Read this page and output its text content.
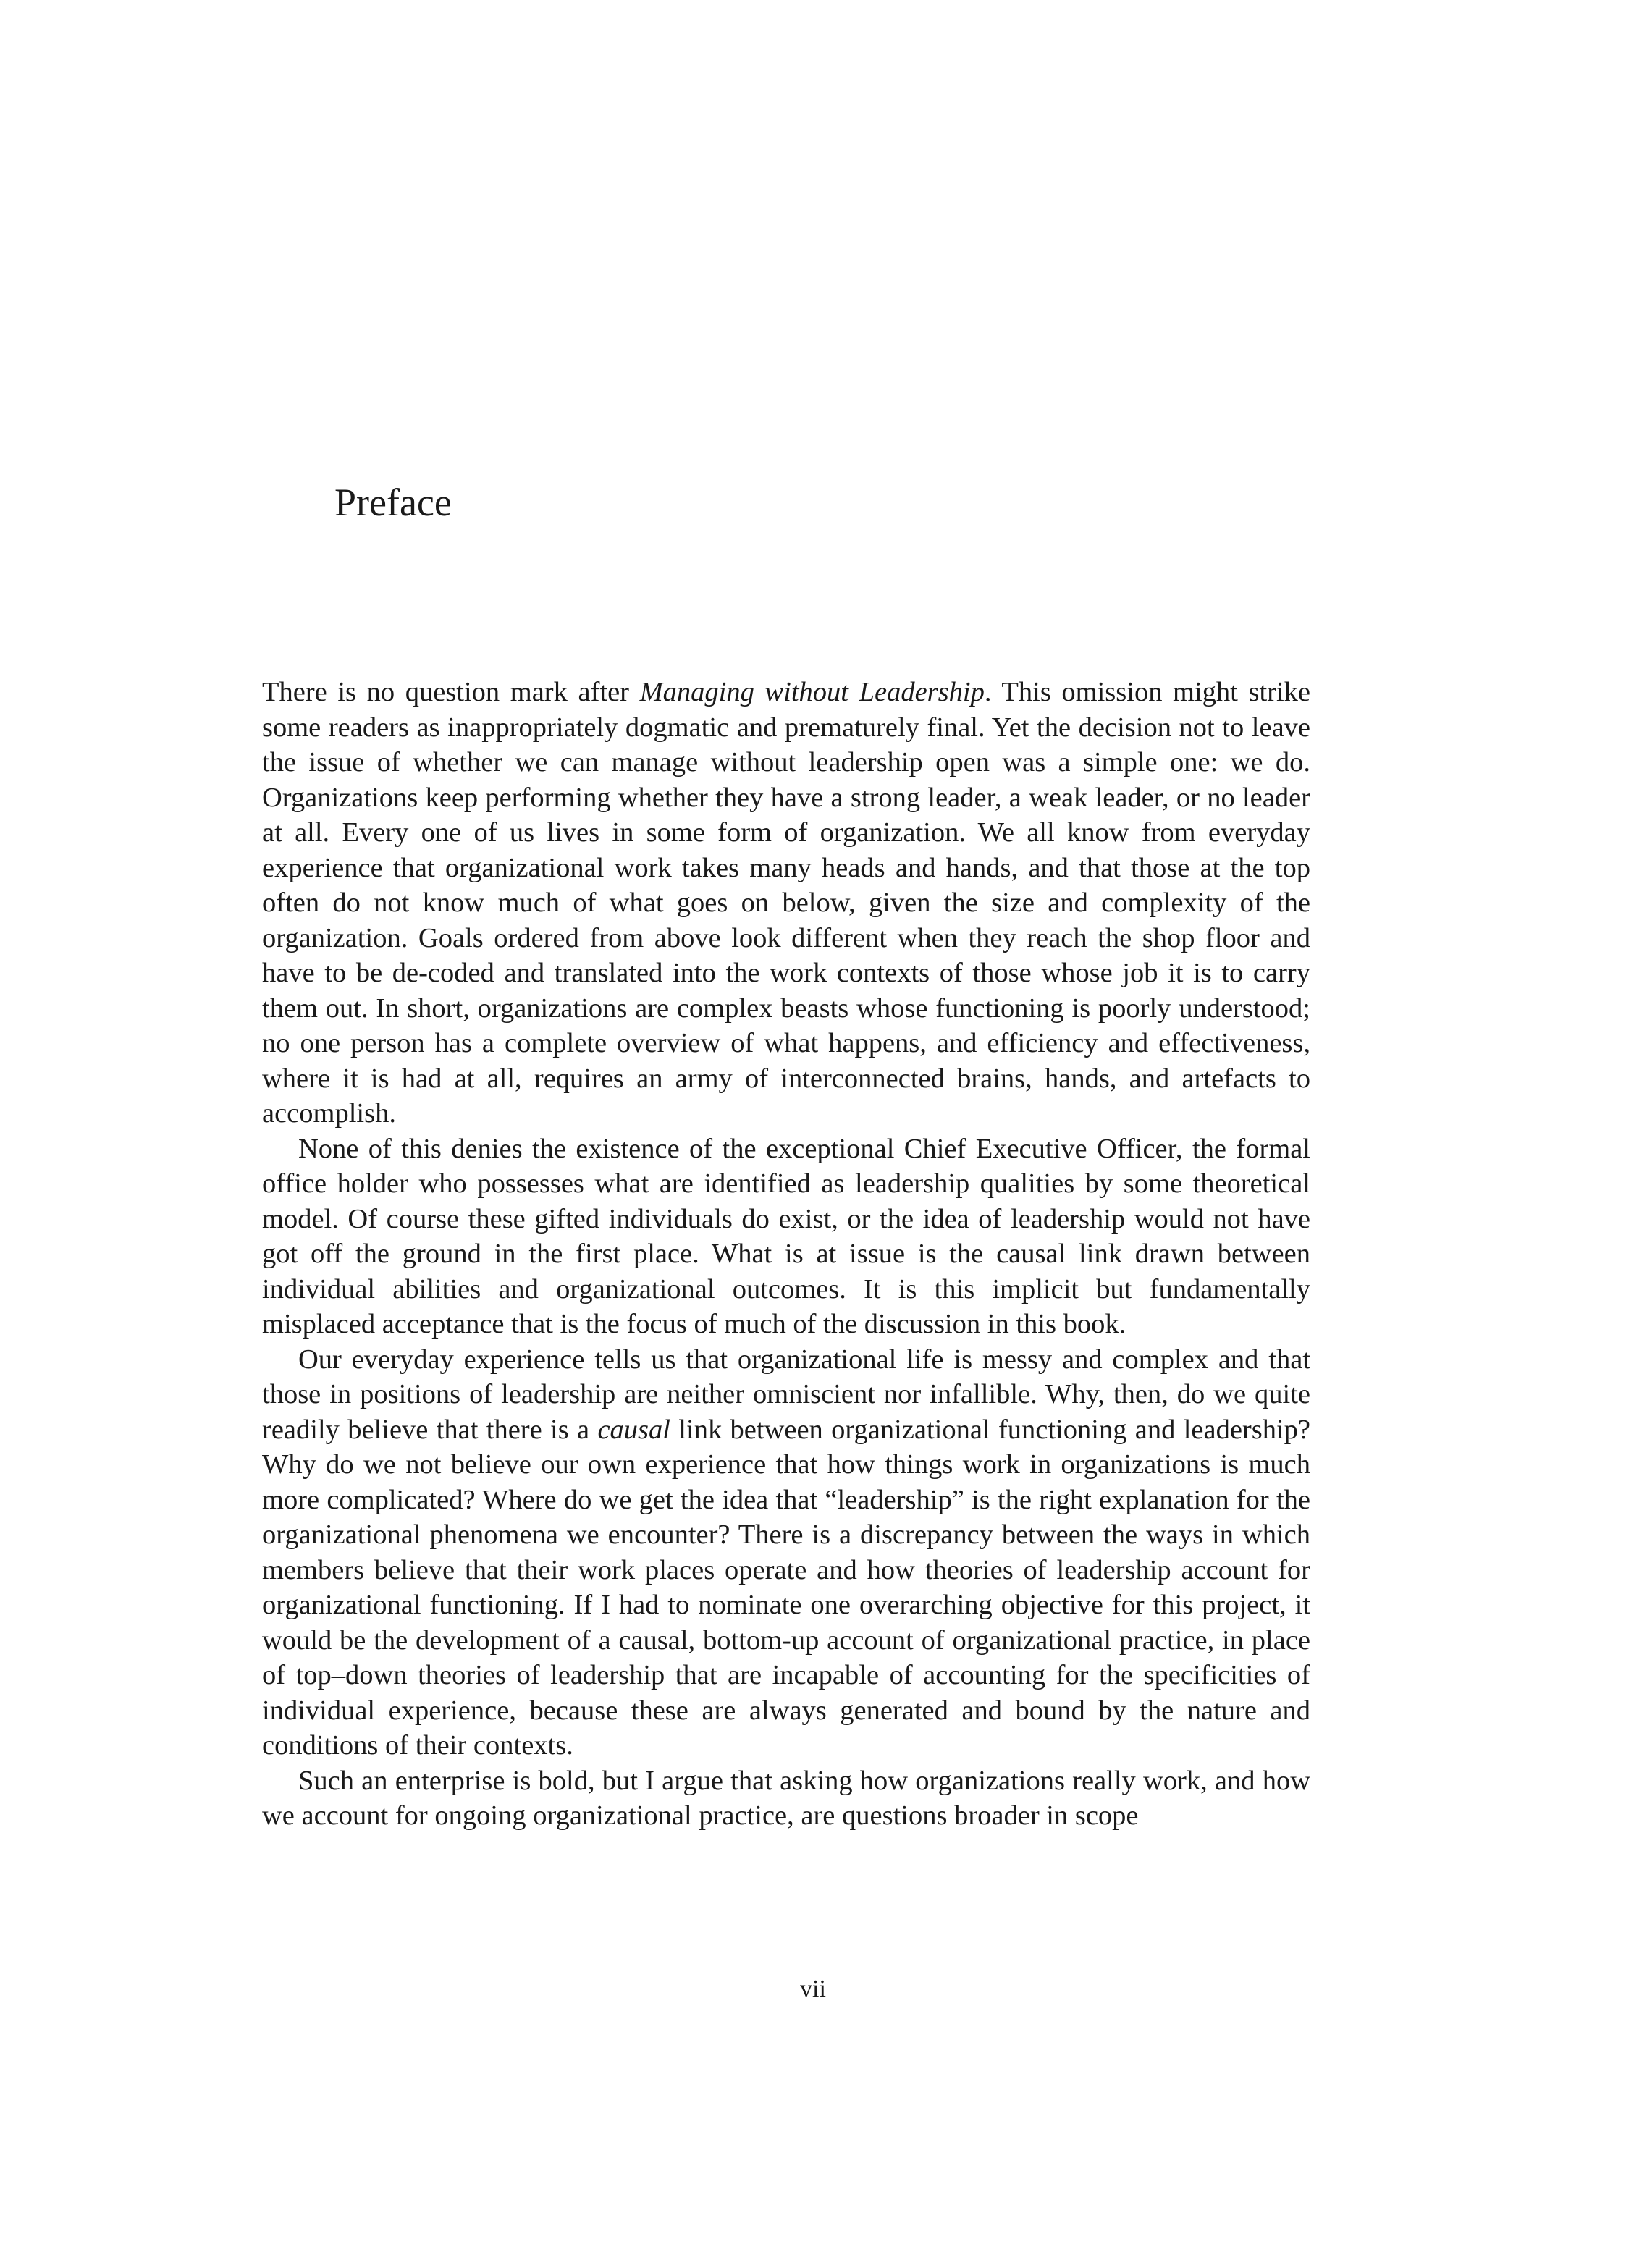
Preface

There is no question mark after Managing without Leadership. This omission might strike some readers as inappropriately dogmatic and prematurely final. Yet the decision not to leave the issue of whether we can manage without leadership open was a simple one: we do. Organizations keep performing whether they have a strong leader, a weak leader, or no leader at all. Every one of us lives in some form of organization. We all know from everyday experience that organizational work takes many heads and hands, and that those at the top often do not know much of what goes on below, given the size and complexity of the organization. Goals ordered from above look different when they reach the shop floor and have to be de-coded and translated into the work contexts of those whose job it is to carry them out. In short, organizations are complex beasts whose functioning is poorly understood; no one person has a complete overview of what happens, and efficiency and effectiveness, where it is had at all, requires an army of interconnected brains, hands, and artefacts to accomplish.

None of this denies the existence of the exceptional Chief Executive Officer, the formal office holder who possesses what are identified as leadership qualities by some theoretical model. Of course these gifted individuals do exist, or the idea of leadership would not have got off the ground in the first place. What is at issue is the causal link drawn between individual abilities and organizational outcomes. It is this implicit but fundamentally misplaced acceptance that is the focus of much of the discussion in this book.

Our everyday experience tells us that organizational life is messy and complex and that those in positions of leadership are neither omniscient nor infallible. Why, then, do we quite readily believe that there is a causal link between organizational functioning and leadership? Why do we not believe our own experience that how things work in organizations is much more complicated? Where do we get the idea that “leadership” is the right explanation for the organizational phenomena we encounter? There is a discrepancy between the ways in which members believe that their work places operate and how theories of leadership account for organizational functioning. If I had to nominate one overarching objective for this project, it would be the development of a causal, bottom-up account of organizational practice, in place of top–down theories of leadership that are incapable of accounting for the specificities of individual experience, because these are always generated and bound by the nature and conditions of their contexts.

Such an enterprise is bold, but I argue that asking how organizations really work, and how we account for ongoing organizational practice, are questions broader in scope

vii
